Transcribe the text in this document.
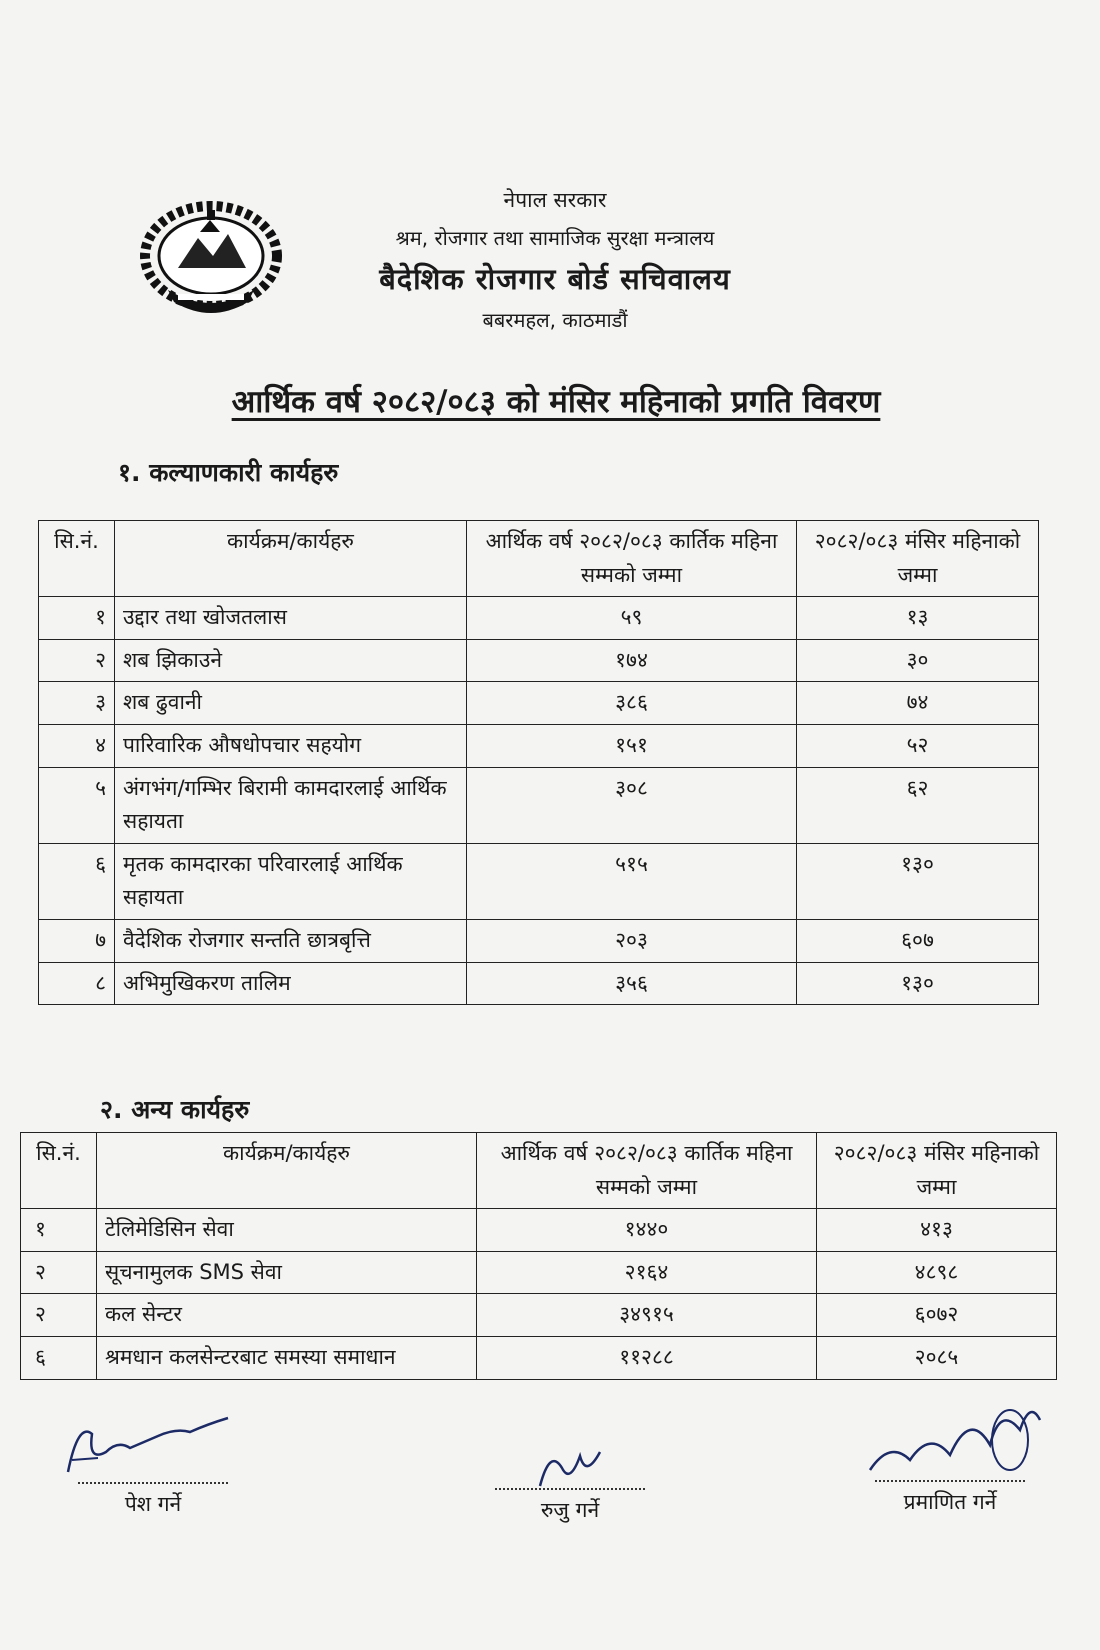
नेपाल सरकार
श्रम, रोजगार तथा सामाजिक सुरक्षा मन्त्रालय
बैदेशिक रोजगार बोर्ड सचिवालय
बबरमहल, काठमाडौं
आर्थिक वर्ष २०८२/०८३ को मंसिर महिनाको प्रगति विवरण
१. कल्याणकारी कार्यहरु
सि.नं.	कार्यक्रम/कार्यहरु	आर्थिक वर्ष २०८२/०८३ कार्तिक महिना सम्मको जम्मा	२०८२/०८३ मंसिर महिनाको जम्मा
१	उद्दार तथा खोजतलास	५९	१३
२	शब झिकाउने	१७४	३०
३	शब ढुवानी	३८६	७४
४	पारिवारिक औषधोपचार सहयोग	१५१	५२
५	अंगभंग/गम्भिर बिरामी कामदारलाई आर्थिक सहायता	३०८	६२
६	मृतक कामदारका परिवारलाई आर्थिक सहायता	५१५	१३०
७	वैदेशिक रोजगार सन्तति छात्रबृत्ति	२०३	६०७
८	अभिमुखिकरण तालिम	३५६	१३०
२. अन्य कार्यहरु
सि.नं.	कार्यक्रम/कार्यहरु	आर्थिक वर्ष २०८२/०८३ कार्तिक महिना सम्मको जम्मा	२०८२/०८३ मंसिर महिनाको जम्मा
१	टेलिमेडिसिन सेवा	१४४०	४१३
२	सूचनामुलक SMS सेवा	२१६४	४८९८
२	कल सेन्टर	३४९१५	६०७२
६	श्रमधान कलसेन्टरबाट समस्या समाधान	११२८८	२०८५
पेश गर्ने	रुजु गर्ने	प्रमाणित गर्ने
